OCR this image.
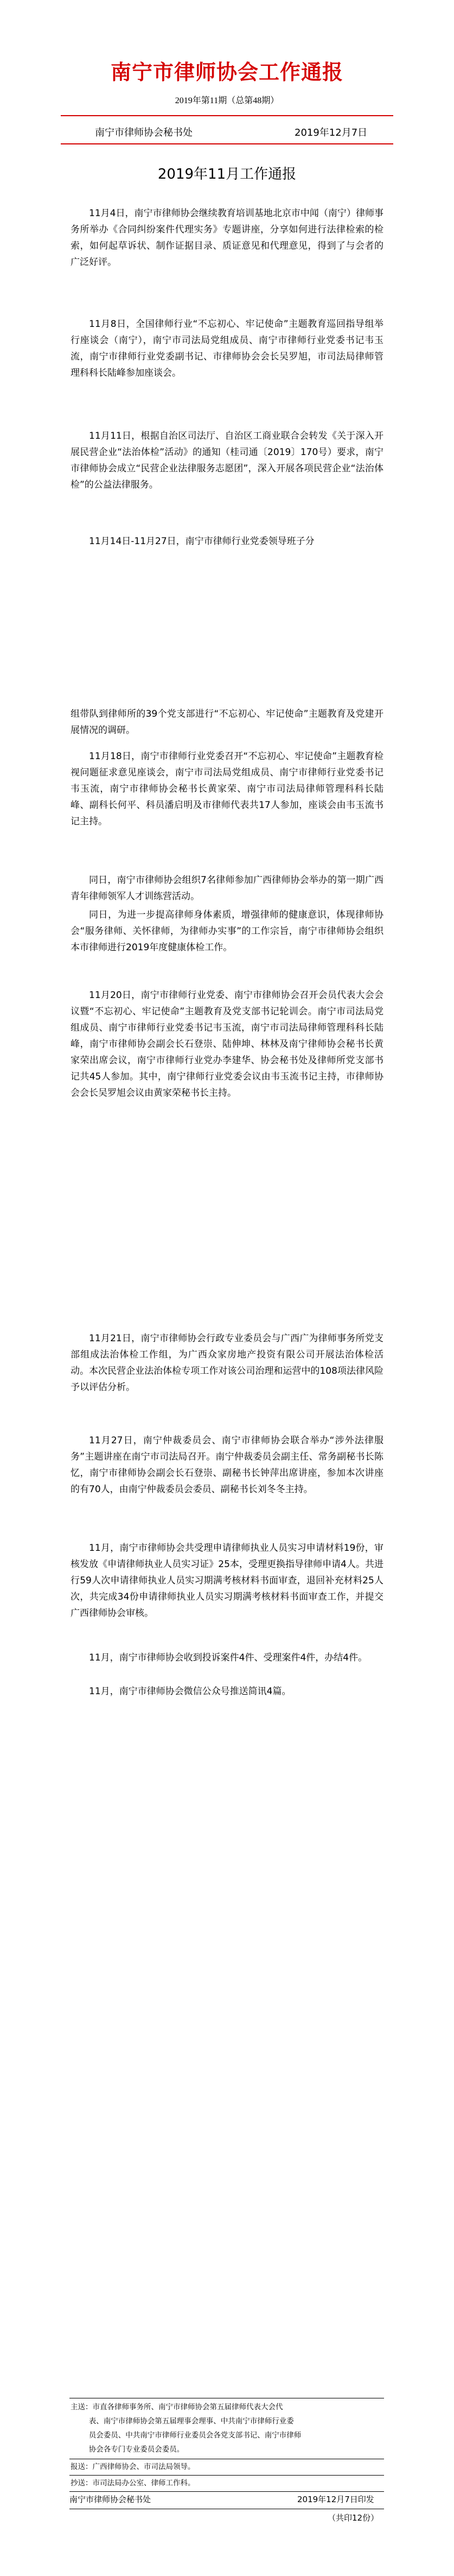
南宁市律师协会工作通报
2019年第11期（总第48期）
南宁市律师协会秘书处	2019年12月7日
2019年11月工作通报

11月4日，南宁市律师协会继续教育培训基地北京市中闻（南宁）律师事务所举办《合同纠纷案件代理实务》专题讲座，分享如何进行法律检索的检索，如何起草诉状、制作证据目录、质证意见和代理意见，得到了与会者的广泛好评。

11月8日，全国律师行业“不忘初心、牢记使命”主题教育巡回指导组举行座谈会（南宁），南宁市司法局党组成员、南宁市律师行业党委书记韦玉流，南宁市律师行业党委副书记、市律师协会会长吴罗旭，市司法局律师管理科科长陆峰参加座谈会。

11月11日，根据自治区司法厅、自治区工商业联合会转发《关于深入开展民营企业“法治体检”活动》的通知（桂司通〔2019〕170号）要求，南宁市律师协会成立“民营企业法律服务志愿团”，深入开展各项民营企业“法治体检”的公益法律服务。

11月14日-11月27日，南宁市律师行业党委领导班子分

组带队到律师所的39个党支部进行“不忘初心、牢记使命”主题教育及党建开展情况的调研。

11月18日，南宁市律师行业党委召开“不忘初心、牢记使命”主题教育检视问题征求意见座谈会，南宁市司法局党组成员、南宁市律师行业党委书记韦玉流，南宁市律师协会秘书长黄家荣、南宁市司法局律师管理科科长陆峰、副科长何平、科员潘启明及市律师代表共17人参加，座谈会由韦玉流书记主持。

同日，南宁市律师协会组织7名律师参加广西律师协会举办的第一期广西青年律师领军人才训练营活动。

同日，为进一步提高律师身体素质，增强律师的健康意识，体现律师协会“服务律师、关怀律师，为律师办实事”的工作宗旨，南宁市律师协会组织本市律师进行2019年度健康体检工作。

11月20日，南宁市律师行业党委、南宁市律师协会召开会员代表大会会议暨“不忘初心、牢记使命”主题教育及党支部书记轮训会。南宁市司法局党组成员、南宁市律师行业党委书记韦玉流，南宁市司法局律师管理科科长陆峰，南宁市律师协会副会长石登崇、陆伸坤、林林及南宁律师协会秘书长黄家荣出席会议，南宁市律师行业党办李建华、协会秘书处及律师所党支部书记共45人参加。其中，南宁律师行业党委会议由韦玉流书记主持，市律师协会会长吴罗旭会议由黄家荣秘书长主持。

11月21日，南宁市律师协会行政专业委员会与广西广为律师事务所党支部组成法治体检工作组，为广西众家房地产投资有限公司开展法治体检活动。本次民营企业法治体检专项工作对该公司治理和运营中的108项法律风险予以评估分析。

11月27日，南宁仲裁委员会、南宁市律师协会联合举办“涉外法律服务”主题讲座在南宁市司法局召开。南宁仲裁委员会副主任、常务副秘书长陈忆，南宁市律师协会副会长石登崇、副秘书长钟萍出席讲座，参加本次讲座的有70人，由南宁仲裁委员会委员、副秘书长刘冬冬主持。

11月，南宁市律师协会共受理申请律师执业人员实习申请材料19份，审核发放《申请律师执业人员实习证》25本，受理更换指导律师申请4人。共进行59人次申请律师执业人员实习期满考核材料书面审查，退回补充材料25人次，共完成34份申请律师执业人员实习期满考核材料书面审查工作，并提交广西律师协会审核。

11月，南宁市律师协会收到投诉案件4件、受理案件4件，办结4件。

11月，南宁市律师协会微信公众号推送简讯4篇。

主送：市直各律师事务所、南宁市律师协会第五届律师代表大会代
表、南宁市律师协会第五届理事会理事、中共南宁市律师行业委
员会委员、中共南宁市律师行业委员会各党支部书记、南宁市律师
协会各专门专业委员会委员。
报送：广西律师协会、市司法局领导。
抄送：市司法局办公室、律师工作科。
南宁市律师协会秘书处	2019年12月7日印发
（共印12份）
